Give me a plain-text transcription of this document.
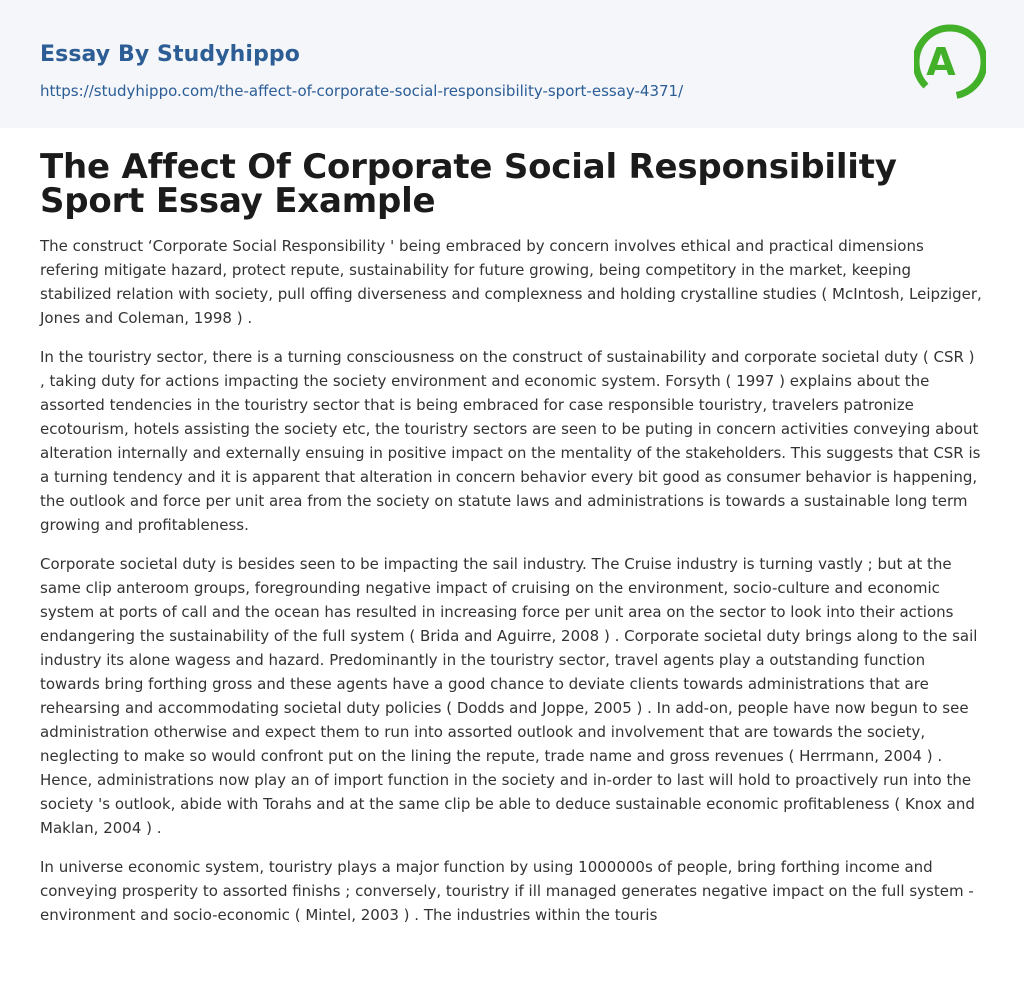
Essay By Studyhippo
https://studyhippo.com/the-affect-of-corporate-social-responsibility-sport-essay-4371/
A
The Affect Of Corporate Social Responsibility Sport Essay Example

The construct ‘Corporate Social Responsibility ' being embraced by concern involves ethical and practical dimensions refering mitigate hazard, protect repute, sustainability for future growing, being competitory in the market, keeping stabilized relation with society, pull offing diverseness and complexness and holding crystalline studies ( McIntosh, Leipziger, Jones and Coleman, 1998 ) .

In the touristry sector, there is a turning consciousness on the construct of sustainability and corporate societal duty ( CSR ) , taking duty for actions impacting the society environment and economic system. Forsyth ( 1997 ) explains about the assorted tendencies in the touristry sector that is being embraced for case responsible touristry, travelers patronize ecotourism, hotels assisting the society etc, the touristry sectors are seen to be puting in concern activities conveying about alteration internally and externally ensuing in positive impact on the mentality of the stakeholders. This suggests that CSR is a turning tendency and it is apparent that alteration in concern behavior every bit good as consumer behavior is happening, the outlook and force per unit area from the society on statute laws and administrations is towards a sustainable long term growing and profitableness.

Corporate societal duty is besides seen to be impacting the sail industry. The Cruise industry is turning vastly ; but at the same clip anteroom groups, foregrounding negative impact of cruising on the environment, socio-culture and economic system at ports of call and the ocean has resulted in increasing force per unit area on the sector to look into their actions endangering the sustainability of the full system ( Brida and Aguirre, 2008 ) . Corporate societal duty brings along to the sail industry its alone wagess and hazard. Predominantly in the touristry sector, travel agents play a outstanding function towards bring forthing gross and these agents have a good chance to deviate clients towards administrations that are rehearsing and accommodating societal duty policies ( Dodds and Joppe, 2005 ) . In add-on, people have now begun to see administration otherwise and expect them to run into assorted outlook and involvement that are towards the society, neglecting to make so would confront put on the lining the repute, trade name and gross revenues ( Herrmann, 2004 ) . Hence, administrations now play an of import function in the society and in-order to last will hold to proactively run into the society 's outlook, abide with Torahs and at the same clip be able to deduce sustainable economic profitableness ( Knox and Maklan, 2004 ) .

In universe economic system, touristry plays a major function by using 1000000s of people, bring forthing income and conveying prosperity to assorted finishs ; conversely, touristry if ill managed generates negative impact on the full system - environment and socio-economic ( Mintel, 2003 ) . The industries within the touris
